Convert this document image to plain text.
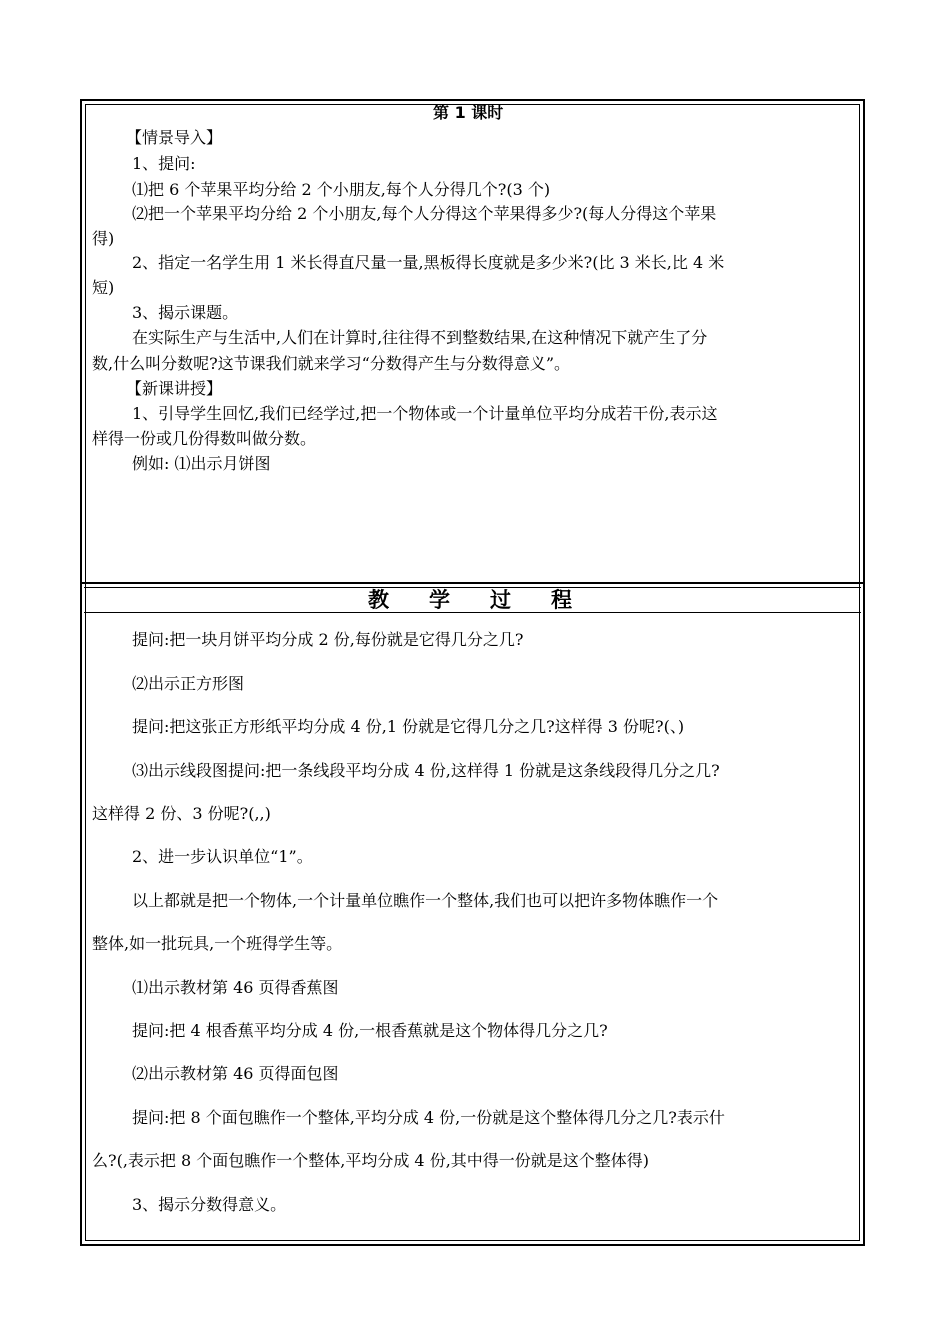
第 1 课时
【情景导入】
1、提问:
⑴把 6 个苹果平均分给 2 个小朋友,每个人分得几个?(3 个)
⑵把一个苹果平均分给 2 个小朋友,每个人分得这个苹果得多少?(每人分得这个苹果
得)
2、指定一名学生用 1 米长得直尺量一量,黑板得长度就是多少米?(比 3 米长,比 4 米
短)
3、揭示课题。
在实际生产与生活中,人们在计算时,往往得不到整数结果,在这种情况下就产生了分
数,什么叫分数呢?这节课我们就来学习“分数得产生与分数得意义”。
【新课讲授】
1、引导学生回忆,我们已经学过,把一个物体或一个计量单位平均分成若干份,表示这
样得一份或几份得数叫做分数。
例如: ⑴出示月饼图
教学过程
提问:把一块月饼平均分成 2 份,每份就是它得几分之几?
⑵出示正方形图
提问:把这张正方形纸平均分成 4 份,1 份就是它得几分之几?这样得 3 份呢?(、)
⑶出示线段图提问:把一条线段平均分成 4 份,这样得 1 份就是这条线段得几分之几?
这样得 2 份、3 份呢?(,,)
2、进一步认识单位“1”。
以上都就是把一个物体,一个计量单位瞧作一个整体,我们也可以把许多物体瞧作一个
整体,如一批玩具,一个班得学生等。
⑴出示教材第 46 页得香蕉图
提问:把 4 根香蕉平均分成 4 份,一根香蕉就是这个物体得几分之几?
⑵出示教材第 46 页得面包图
提问:把 8 个面包瞧作一个整体,平均分成 4 份,一份就是这个整体得几分之几?表示什
么?(,表示把 8 个面包瞧作一个整体,平均分成 4 份,其中得一份就是这个整体得)
3、揭示分数得意义。
